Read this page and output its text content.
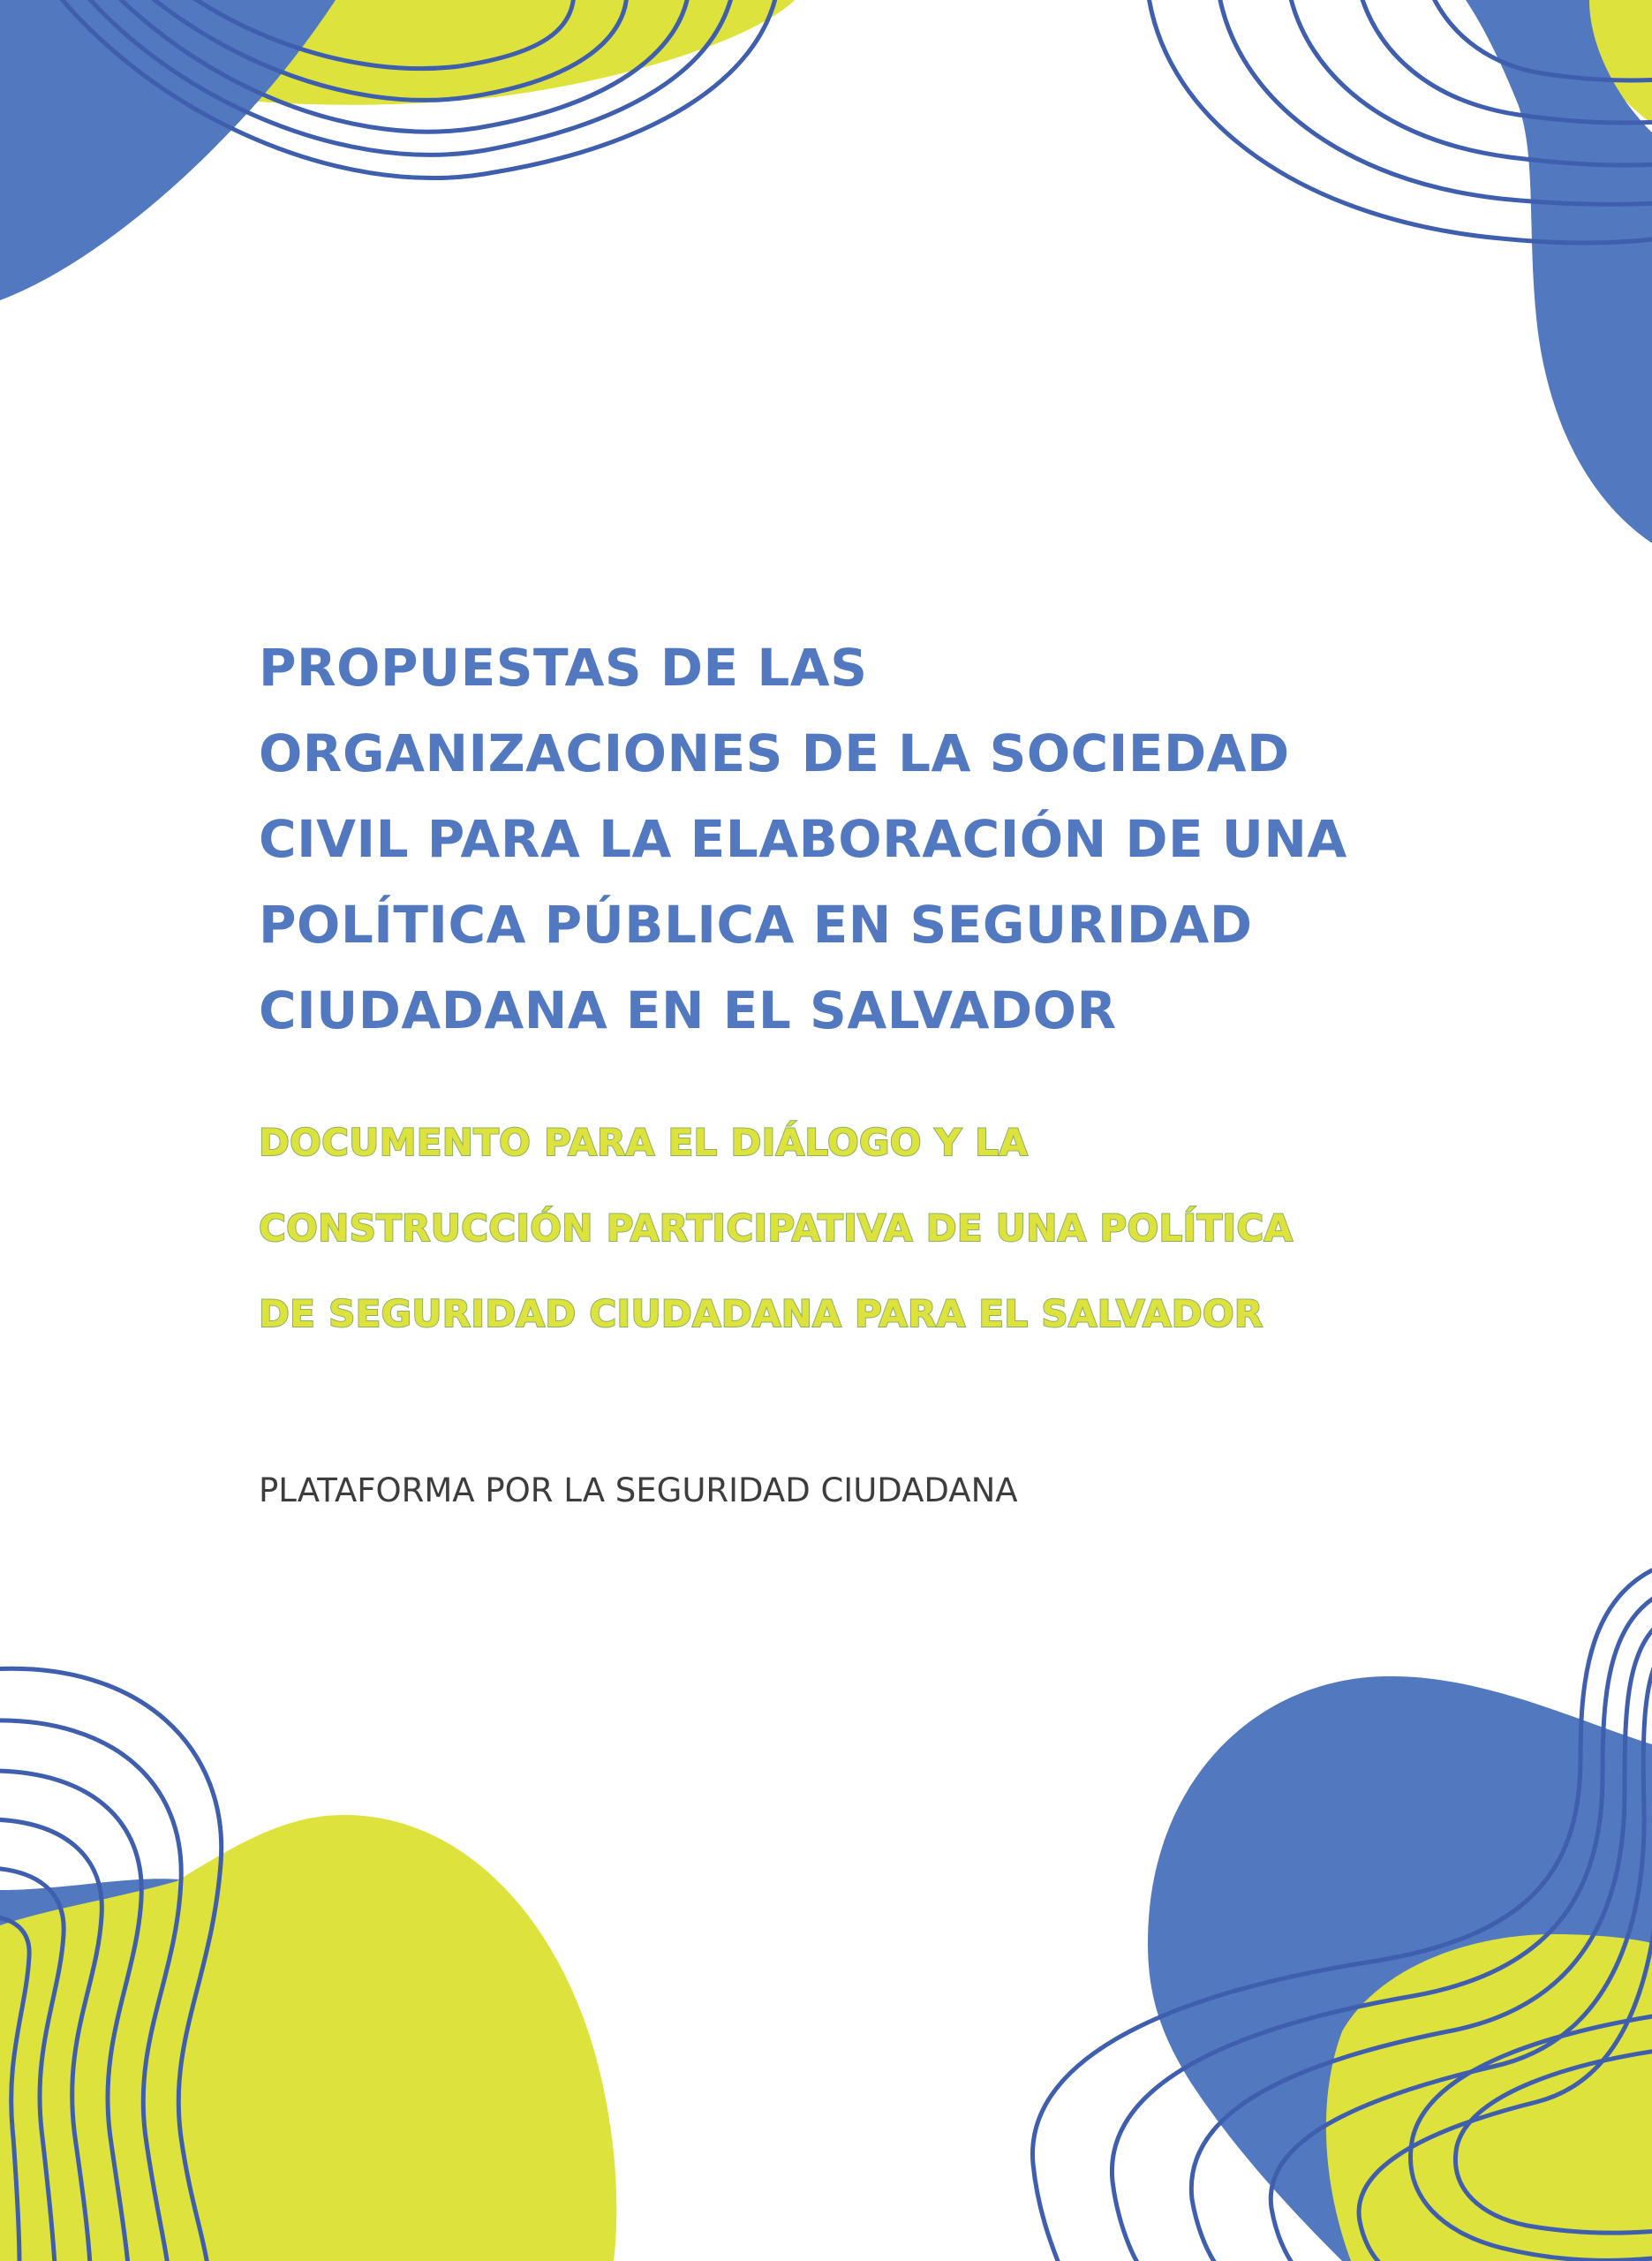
PROPUESTAS DE LAS
ORGANIZACIONES DE LA SOCIEDAD
CIVIL PARA LA ELABORACIÓN DE UNA
POLÍTICA PÚBLICA EN SEGURIDAD
CIUDADANA EN EL SALVADOR
DOCUMENTO PARA EL DIÁLOGO Y LA
CONSTRUCCIÓN PARTICIPATIVA DE UNA POLÍTICA
DE SEGURIDAD CIUDADANA PARA EL SALVADOR

PLATAFORMA POR LA SEGURIDAD CIUDADANA
